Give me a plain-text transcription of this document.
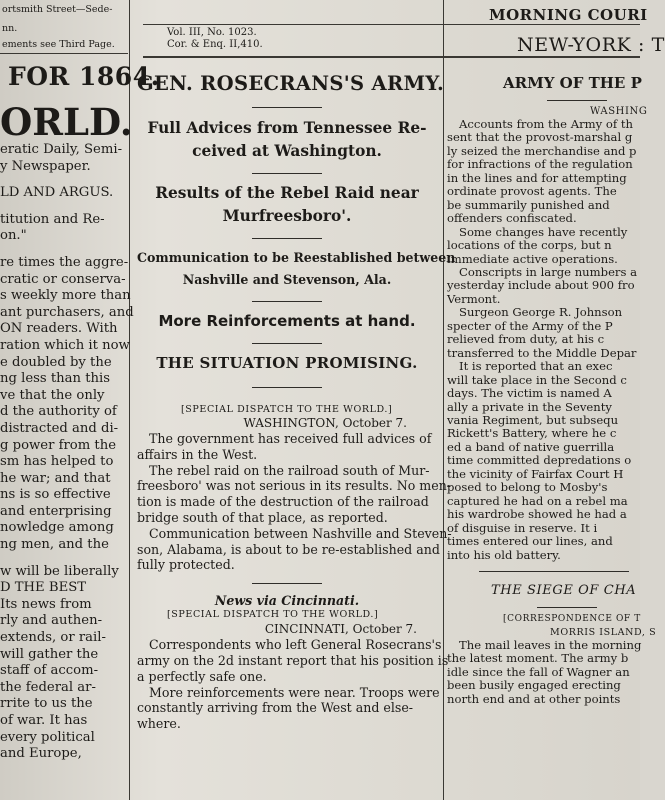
ortsmith Street—Sede-
nn.
ements see Third Page.
Vol. III, No. 1023.
Cor. & Enq. II,410.
MORNING COURI
NEW-YORK : T
FOR 1864.
ORLD.
eratic Daily, Semi-
y Newspaper.
LD AND ARGUS.
titution and Re-
on."
re times the aggre-
cratic or conserva-
s weekly more than
ant purchasers, and
ON readers. With
ration which it now
e doubled by the
ng less than this
ve that the only
d the authority of
distracted and di-
g power from the
sm has helped to
he war; and that
ns is so effective
and enterprising
nowledge among
ng men, and the
w will be liberally
D THE BEST
Its news from
rly and authen-
extends, or rail-
will gather the
staff of accom-
the federal ar-
rrite to us the
of war. It has
every political
and Europe,
GEN. ROSECRANS'S ARMY.
Full Advices from Tennessee Re-
ceived at Washington.
Results of the Rebel Raid near
Murfreesboro'.
Communication to be Reestablished between
Nashville and Stevenson, Ala.
More Reinforcements at hand.
THE SITUATION PROMISING.
[SPECIAL DISPATCH TO THE WORLD.]
WASHINGTON, October 7.
The government has received full advices of
affairs in the West.
The rebel raid on the railroad south of Mur-
freesboro' was not serious in its results. No men-
tion is made of the destruction of the railroad
bridge south of that place, as reported.
Communication between Nashville and Steven-
son, Alabama, is about to be re-established and
fully protected.
News via Cincinnati.
[SPECIAL DISPATCH TO THE WORLD.]
CINCINNATI, October 7.
Correspondents who left General Rosecrans's
army on the 2d instant report that his position is
a perfectly safe one.
More reinforcements were near. Troops were
constantly arriving from the West and else-
where.
ARMY OF THE P
WASHING
Accounts from the Army of th
sent that the provost-marshal g
ly seized the merchandise and p
for infractions of the regulation
in the lines and for attempting
ordinate provost agents. The
be summarily punished and
offenders confiscated.
Some changes have recently
locations of the corps, but n
immediate active operations.
Conscripts in large numbers a
yesterday include about 900 fro
Vermont.
Surgeon George R. Johnson
specter of the Army of the P
relieved from duty, at his c
transferred to the Middle Depar
It is reported that an exec
will take place in the Second c
days. The victim is named A
ally a private in the Seventy
vania Regiment, but subsequ
Rickett's Battery, where he c
ed a band of native guerrilla
time committed depredations o
the vicinity of Fairfax Court H
posed to belong to Mosby's
captured he had on a rebel ma
his wardrobe showed he had a
of disguise in reserve. It i
times entered our lines, and
into his old battery.
THE SIEGE OF CHA
[CORRESPONDENCE OF T
MORRIS ISLAND, S
The mail leaves in the morning
the latest moment. The army b
idle since the fall of Wagner an
been busily engaged erecting
north end and at other points
